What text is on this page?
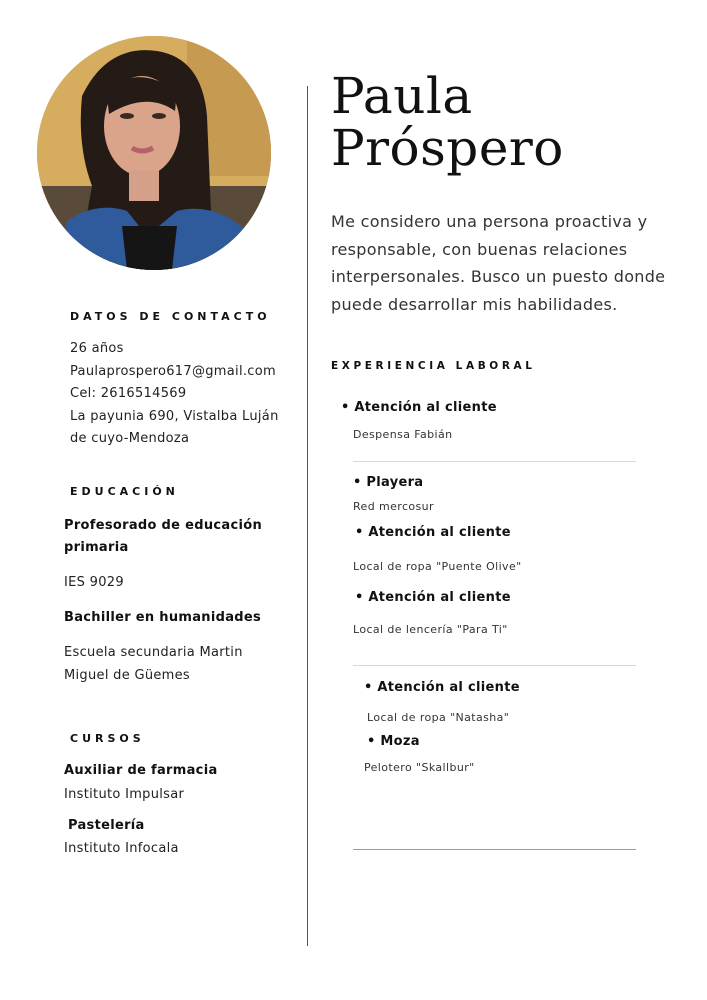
Paula
Próspero
Me considero una persona proactiva y responsable, con buenas relaciones interpersonales. Busco un puesto donde puede desarrollar mis habilidades.
DATOS DE CONTACTO
26 años
Paulaprospero617@gmail.com
Cel: 2616514569
La payunia 690, Vistalba Luján
de cuyo-Mendoza
EDUCACIÓN
Profesorado de educación
primaria
IES 9029
Bachiller en humanidades
Escuela secundaria Martin
Miguel de Güemes
CURSOS
Auxiliar de farmacia
Instituto Impulsar
Pastelería
Instituto Infocala
EXPERIENCIA LABORAL
• Atención al cliente
Despensa Fabián
• Playera
Red mercosur
• Atención al cliente
Local de ropa "Puente Olive"
• Atención al cliente
Local de lencería "Para Ti"
• Atención al cliente
Local de ropa "Natasha"
• Moza
Pelotero "Skallbur"
